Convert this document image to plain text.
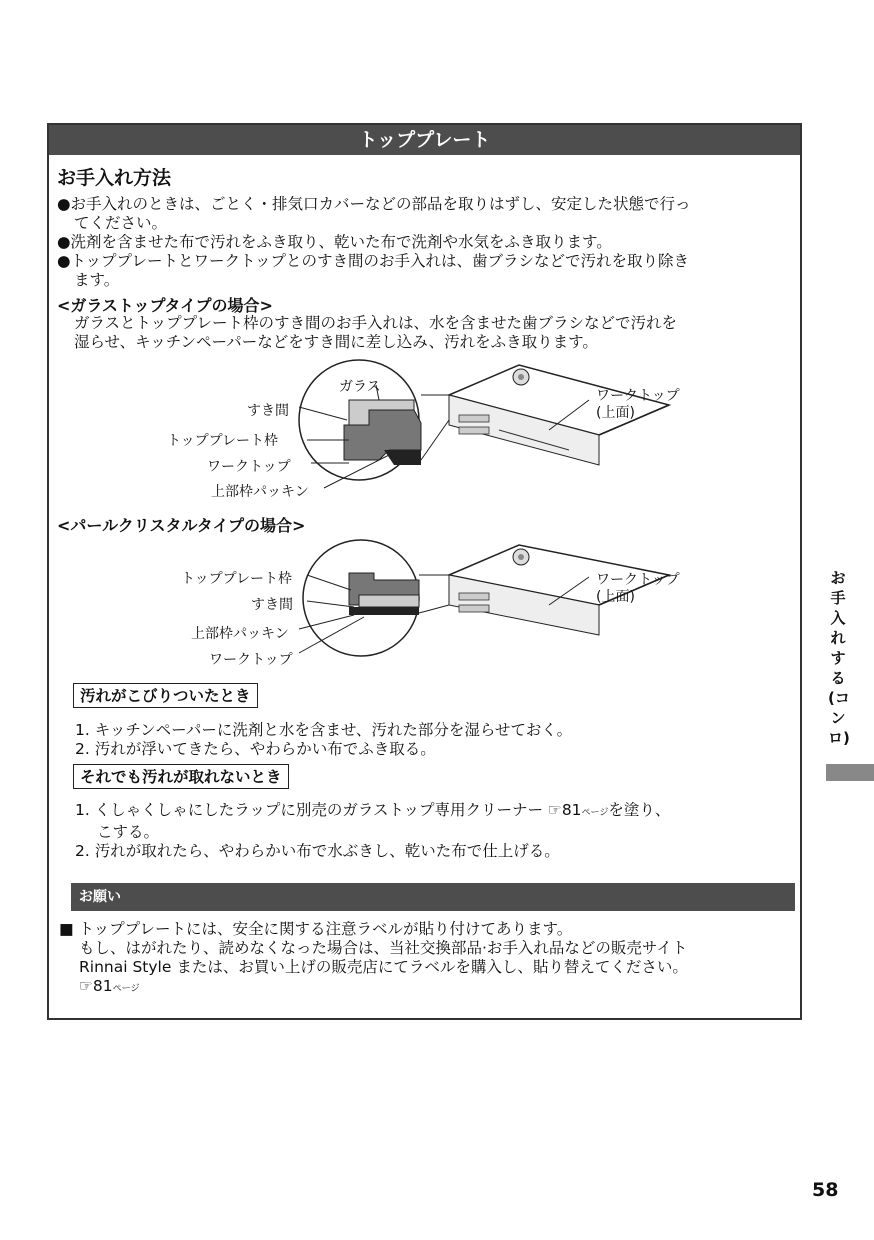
トッププレート
お手入れ方法
●お手入れのときは、ごとく・排気口カバーなどの部品を取りはずし、安定した状態で行っ
てください。
●洗剤を含ませた布で汚れをふき取り、乾いた布で洗剤や水気をふき取ります。
●トッププレートとワークトップとのすき間のお手入れは、歯ブラシなどで汚れを取り除き
ます。
<ガラストップタイプの場合>
ガラスとトッププレート枠のすき間のお手入れは、水を含ませた歯ブラシなどで汚れを
湿らせ、キッチンペーパーなどをすき間に差し込み、汚れをふき取ります。
ガラス
すき間
トッププレート枠
ワークトップ
上部枠パッキン
ワークトップ
(上面)
<パールクリスタルタイプの場合>
トッププレート枠
すき間
上部枠パッキン
ワークトップ
ワークトップ
(上面)
汚れがこびりついたとき
1. キッチンペーパーに洗剤と水を含ませ、汚れた部分を湿らせておく。
2. 汚れが浮いてきたら、やわらかい布でふき取る。
それでも汚れが取れないとき
1. くしゃくしゃにしたラップに別売のガラストップ専用クリーナー ☞81ページを塗り、
こする。
2. 汚れが取れたら、やわらかい布で水ぶきし、乾いた布で仕上げる。
お願い
■ トッププレートには、安全に関する注意ラベルが貼り付けてあります。
もし、はがれたり、読めなくなった場合は、当社交換部品·お手入れ品などの販売サイト
Rinnai Style または、お買い上げの販売店にてラベルを購入し、貼り替えてください。
☞81ページ
お手入れする(コンロ)
58
